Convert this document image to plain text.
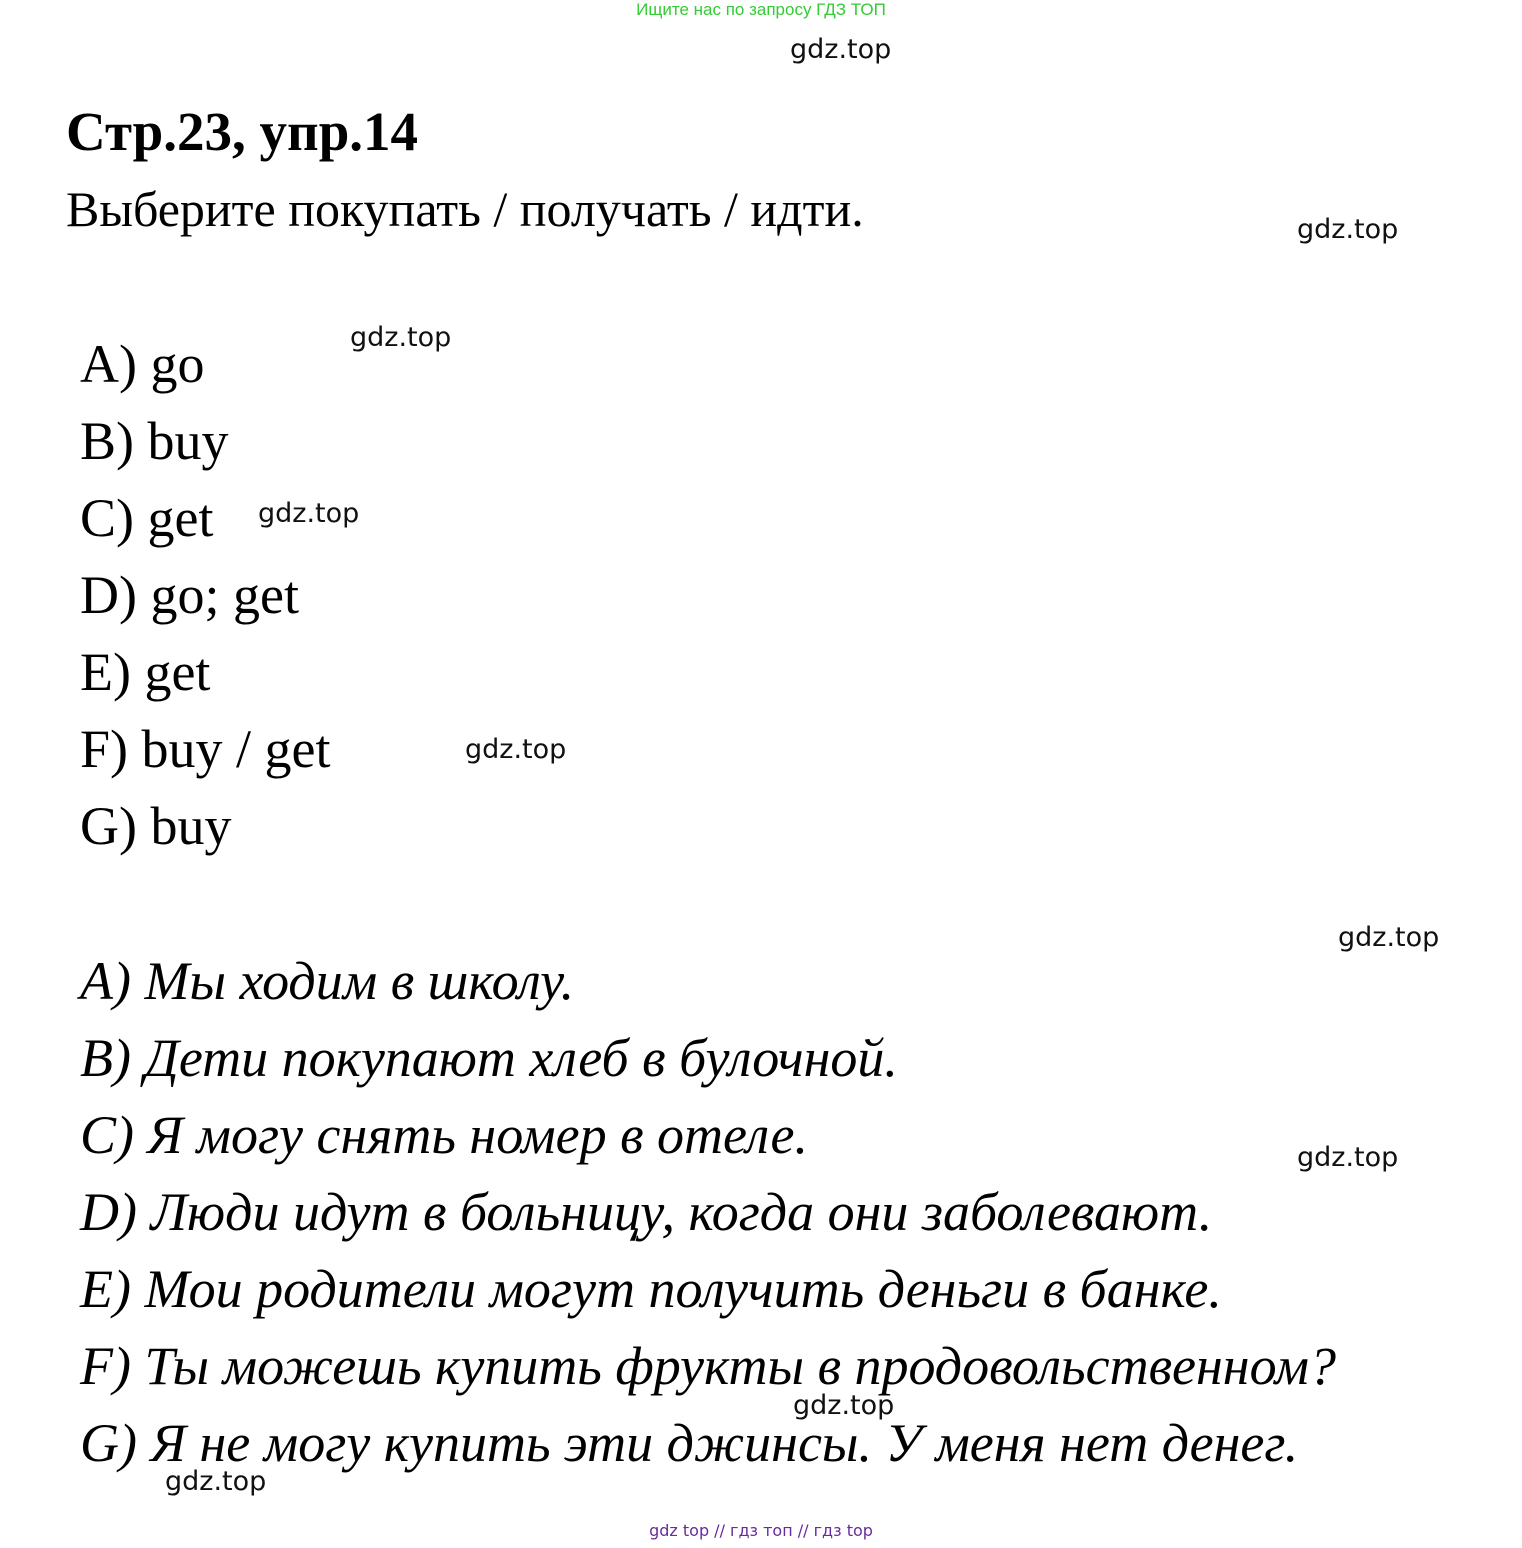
Ищите нас по запросу ГДЗ ТОП
gdz.top
gdz.top
gdz.top
gdz.top
gdz.top
gdz.top
gdz.top
gdz.top
gdz.top
Стр.23, упр.14
Выберите покупать / получать / идти.
A) go
B) buy
C) get
D) go; get
E) get
F) buy / get
G) buy
A) Мы ходим в школу.
B) Дети покупают хлеб в булочной.
C) Я могу снять номер в отеле.
D) Люди идут в больницу, когда они заболевают.
E) Мои родители могут получить деньги в банке.
F) Ты можешь купить фрукты в продовольственном?
G) Я не могу купить эти джинсы. У меня нет денег.
gdz top // гдз топ // гдз top
